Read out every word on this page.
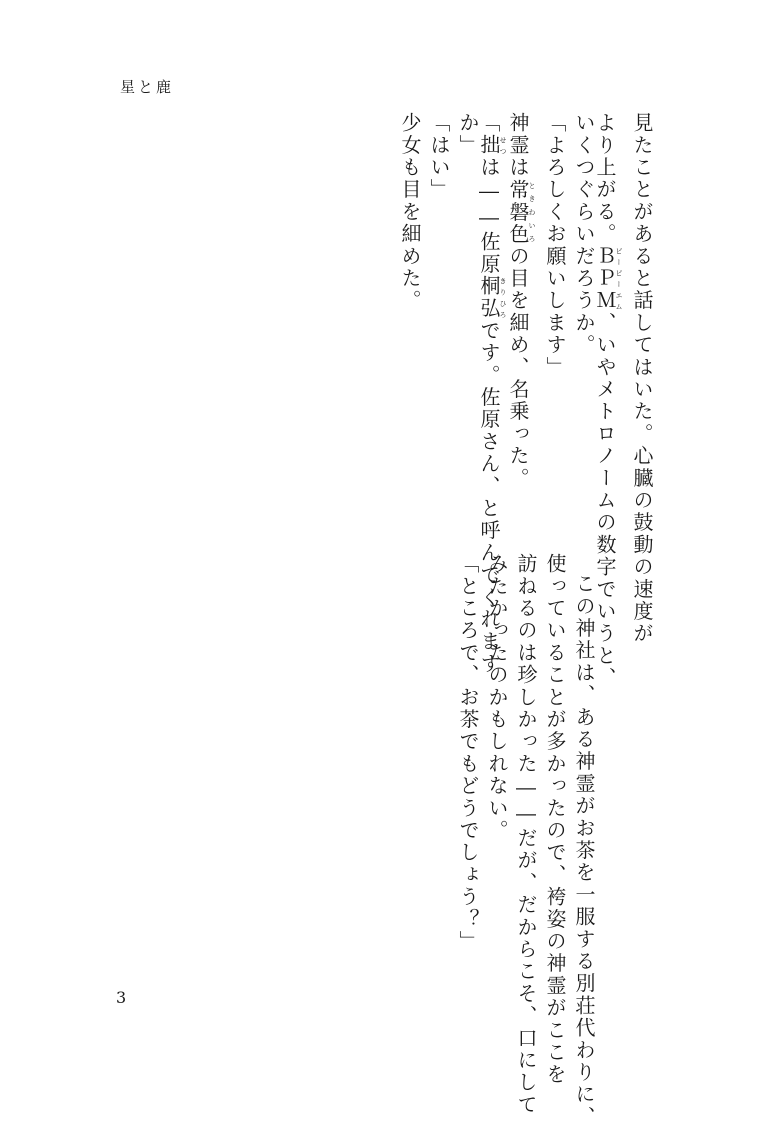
星と鹿
見たことがあると話してはいた。心臓の鼓動の速度が
より上がる。ＢＰＭビーピーエム、いやメトロノームの数字でいうと、
いくつぐらいだろうか。
「よろしくお願いします」
神霊は常磐色ときわいろの目を細め、名乗った。
「拙せつは――佐原桐弘きりひろです。佐原さん、と呼んでくれます
か」
「はい」
少女も目を細めた。
この神社は、ある神霊がお茶を一服する別荘代わりに、
使っていることが多かったので、袴姿の神霊がここを
訪ねるのは珍しかった――だが、だからこそ、口にして
みたかったのかもしれない。
「ところで、お茶でもどうでしょう？」
3
